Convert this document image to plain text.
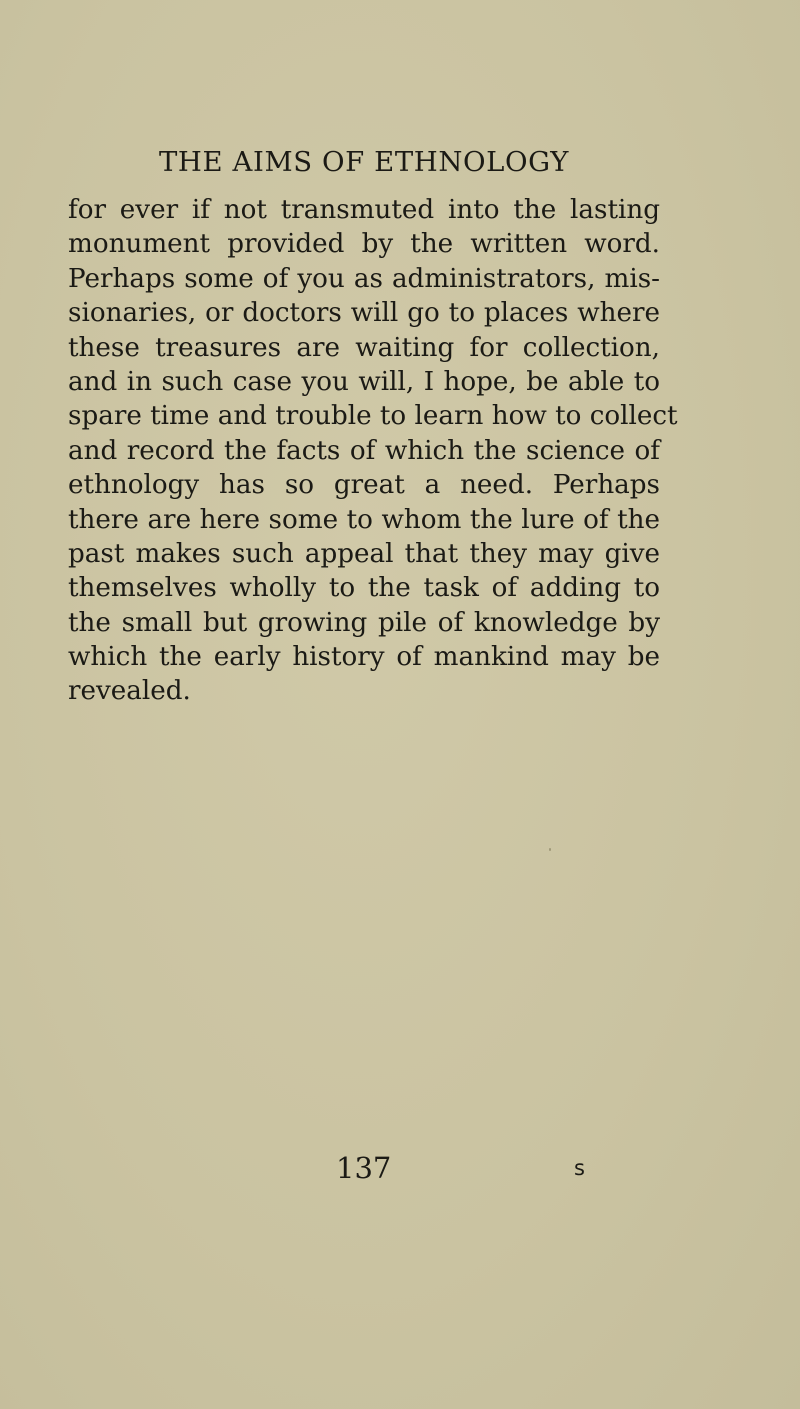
THE AIMS OF ETHNOLOGY
for ever if not transmuted into the lasting
monument provided by the written word.
Perhaps some of you as administrators, mis-
sionaries, or doctors will go to places where
these treasures are waiting for collection,
and in such case you will, I hope, be able to
spare time and trouble to learn how to collect
and record the facts of which the science of
ethnology has so great a need. Perhaps
there are here some to whom the lure of the
past makes such appeal that they may give
themselves wholly to the task of adding to
the small but growing pile of knowledge by
which the early history of mankind may be
revealed.
137	s
